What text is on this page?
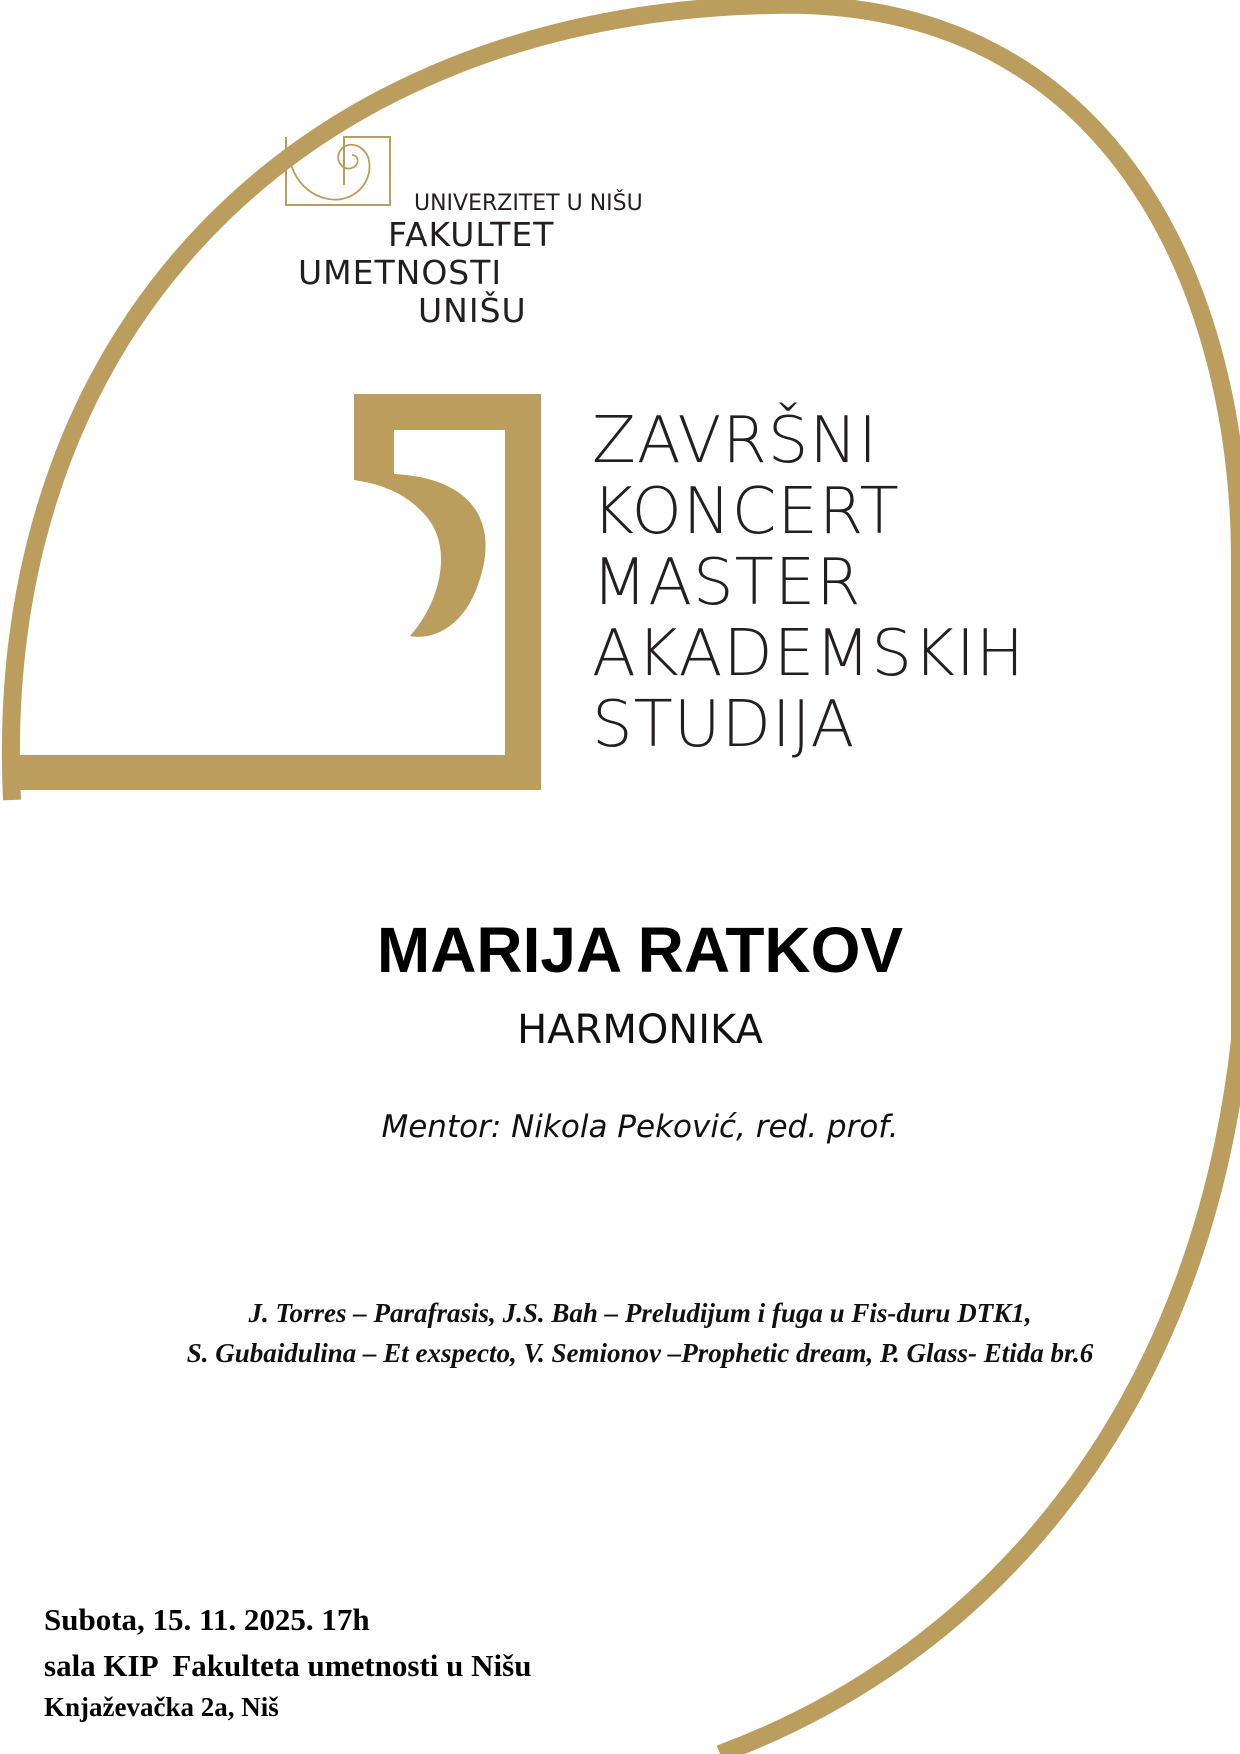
UNIVERZITET U NIŠU
FAKULTET
UMETNOSTI
UNIŠU
ZAVRŠNI
KONCERT
MASTER
AKADEMSKIH
STUDIJA
MARIJA RATKOV
HARMONIKA
Mentor: Nikola Peković, red. prof.
J. Torres – Parafrasis, J.S. Bah – Preludijum i fuga u Fis-duru DTK1,
S. Gubaidulina – Et exspecto, V. Semionov –Prophetic dream, P. Glass- Etida br.6
Subota, 15. 11. 2025. 17h
sala KIP  Fakulteta umetnosti u Nišu
Knjaževačka 2a, Niš
